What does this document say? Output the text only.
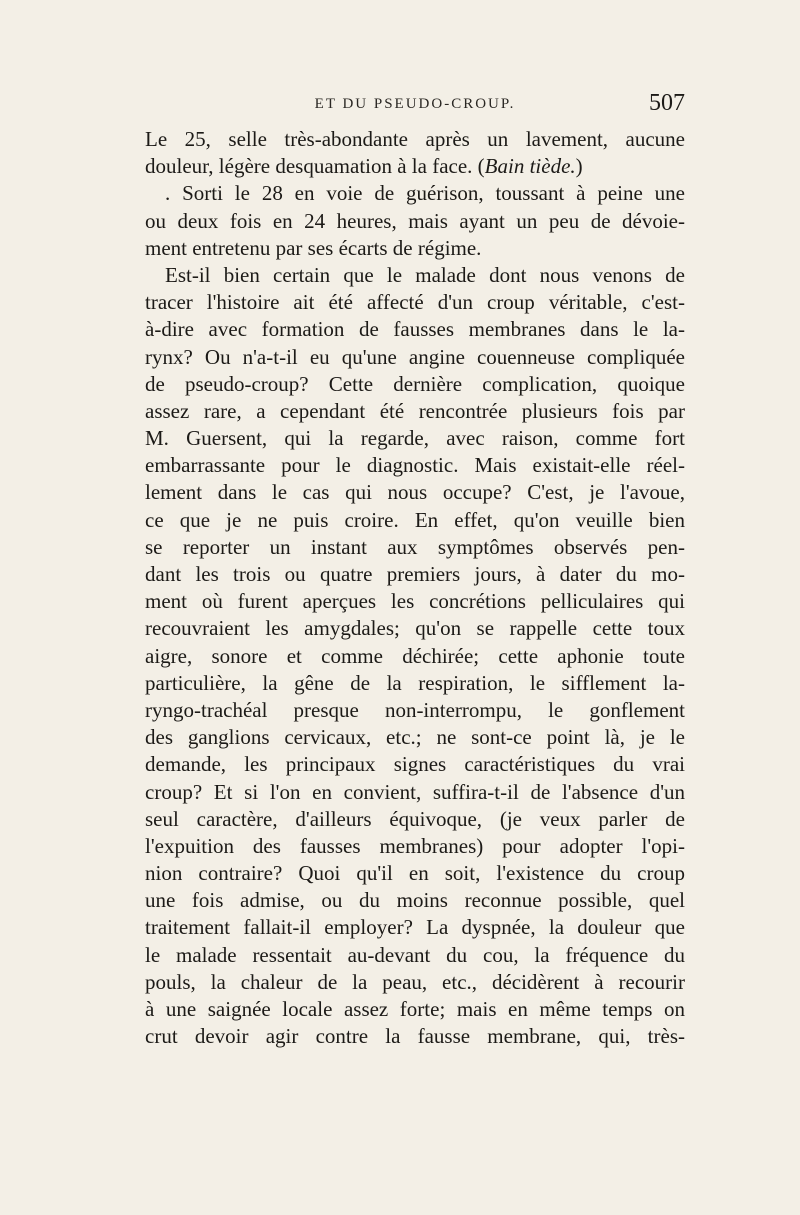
ET DU PSEUDO-CROUP.	507
Le 25, selle très-abondante après un lavement, aucune
douleur, légère desquamation à la face. (Bain tiède.)
. Sorti le 28 en voie de guérison, toussant à peine une
ou deux fois en 24 heures, mais ayant un peu de dévoie-
ment entretenu par ses écarts de régime.
Est-il bien certain que le malade dont nous venons de
tracer l'histoire ait été affecté d'un croup véritable, c'est-
à-dire avec formation de fausses membranes dans le la-
rynx? Ou n'a-t-il eu qu'une angine couenneuse compliquée
de pseudo-croup? Cette dernière complication, quoique
assez rare, a cependant été rencontrée plusieurs fois par
M. Guersent, qui la regarde, avec raison, comme fort
embarrassante pour le diagnostic. Mais existait-elle réel-
lement dans le cas qui nous occupe? C'est, je l'avoue,
ce que je ne puis croire. En effet, qu'on veuille bien
se reporter un instant aux symptômes observés pen-
dant les trois ou quatre premiers jours, à dater du mo-
ment où furent aperçues les concrétions pelliculaires qui
recouvraient les amygdales; qu'on se rappelle cette toux
aigre, sonore et comme déchirée; cette aphonie toute
particulière, la gêne de la respiration, le sifflement la-
ryngo-trachéal presque non-interrompu, le gonflement
des ganglions cervicaux, etc.; ne sont-ce point là, je le
demande, les principaux signes caractéristiques du vrai
croup? Et si l'on en convient, suffira-t-il de l'absence d'un
seul caractère, d'ailleurs équivoque, (je veux parler de
l'expuition des fausses membranes) pour adopter l'opi-
nion contraire? Quoi qu'il en soit, l'existence du croup
une fois admise, ou du moins reconnue possible, quel
traitement fallait-il employer? La dyspnée, la douleur que
le malade ressentait au-devant du cou, la fréquence du
pouls, la chaleur de la peau, etc., décidèrent à recourir
à une saignée locale assez forte; mais en même temps on
crut devoir agir contre la fausse membrane, qui, très-
